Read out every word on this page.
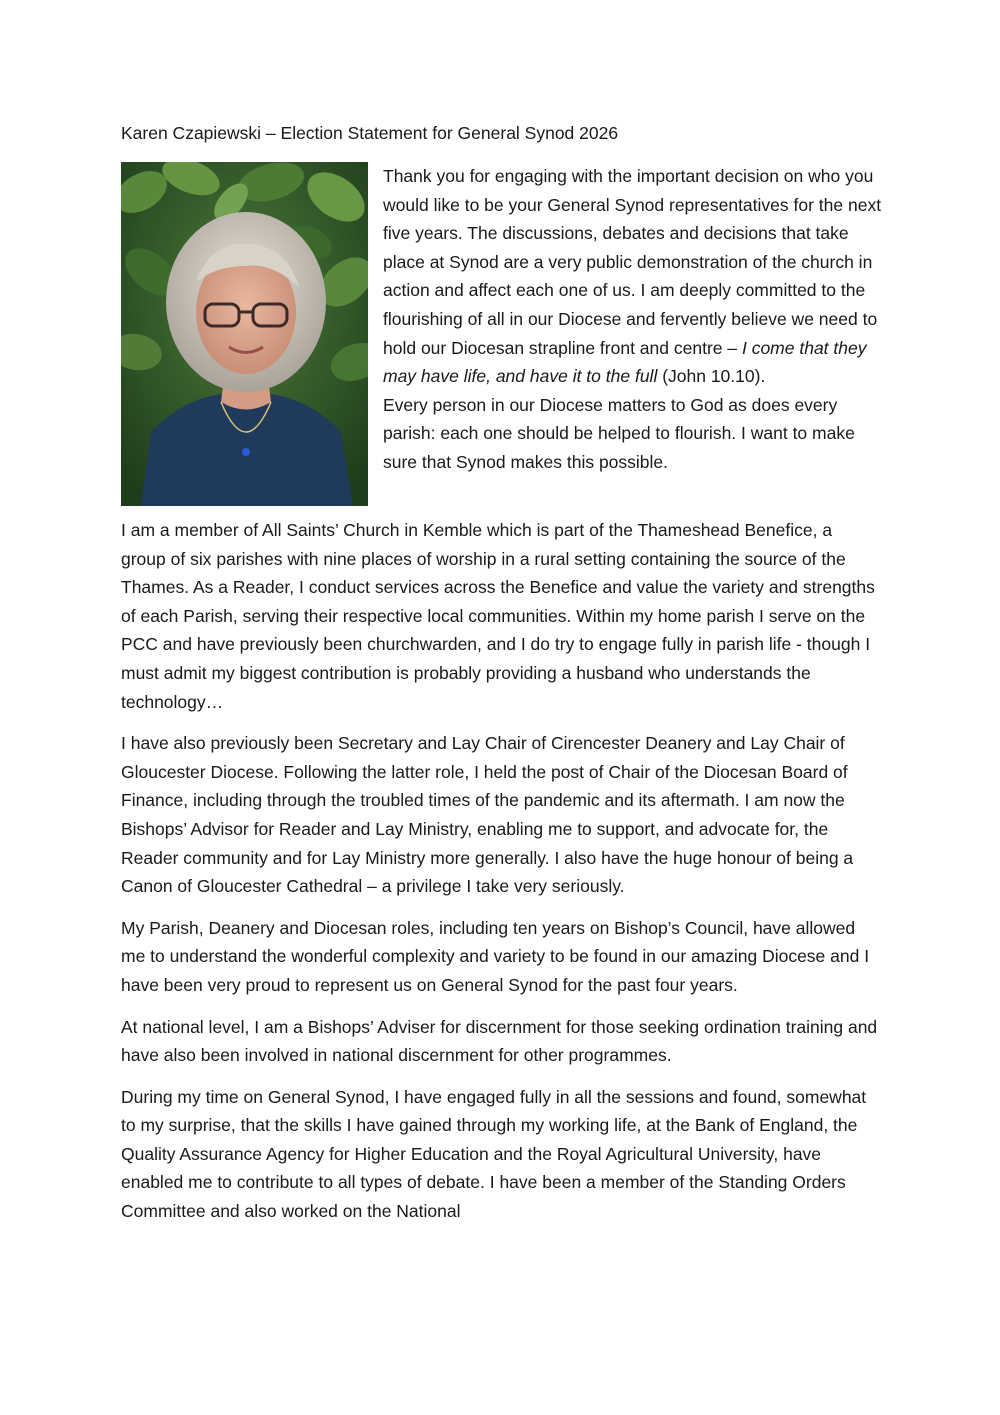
Karen Czapiewski – Election Statement for General Synod 2026

Thank you for engaging with the important decision on who you would like to be your General Synod representatives for the next five years. The discussions, debates and decisions that take place at Synod are a very public demonstration of the church in action and affect each one of us. I am deeply committed to the flourishing of all in our Diocese and fervently believe we need to hold our Diocesan strapline front and centre – I come that they may have life, and have it to the full (John 10.10).

Every person in our Diocese matters to God as does every parish: each one should be helped to flourish. I want to make sure that Synod makes this possible.

I am a member of All Saints’ Church in Kemble which is part of the Thameshead Benefice, a group of six parishes with nine places of worship in a rural setting containing the source of the Thames. As a Reader, I conduct services across the Benefice and value the variety and strengths of each Parish, serving their respective local communities. Within my home parish I serve on the PCC and have previously been churchwarden, and I do try to engage fully in parish life - though I must admit my biggest contribution is probably providing a husband who understands the technology…

I have also previously been Secretary and Lay Chair of Cirencester Deanery and Lay Chair of Gloucester Diocese. Following the latter role, I held the post of Chair of the Diocesan Board of Finance, including through the troubled times of the pandemic and its aftermath. I am now the Bishops’ Advisor for Reader and Lay Ministry, enabling me to support, and advocate for, the Reader community and for Lay Ministry more generally. I also have the huge honour of being a Canon of Gloucester Cathedral – a privilege I take very seriously.

My Parish, Deanery and Diocesan roles, including ten years on Bishop’s Council, have allowed me to understand the wonderful complexity and variety to be found in our amazing Diocese and I have been very proud to represent us on General Synod for the past four years.

At national level, I am a Bishops’ Adviser for discernment for those seeking ordination training and have also been involved in national discernment for other programmes.

During my time on General Synod, I have engaged fully in all the sessions and found, somewhat to my surprise, that the skills I have gained through my working life, at the Bank of England, the Quality Assurance Agency for Higher Education and the Royal Agricultural University, have enabled me to contribute to all types of debate. I have been a member of the Standing Orders Committee and also worked on the National
